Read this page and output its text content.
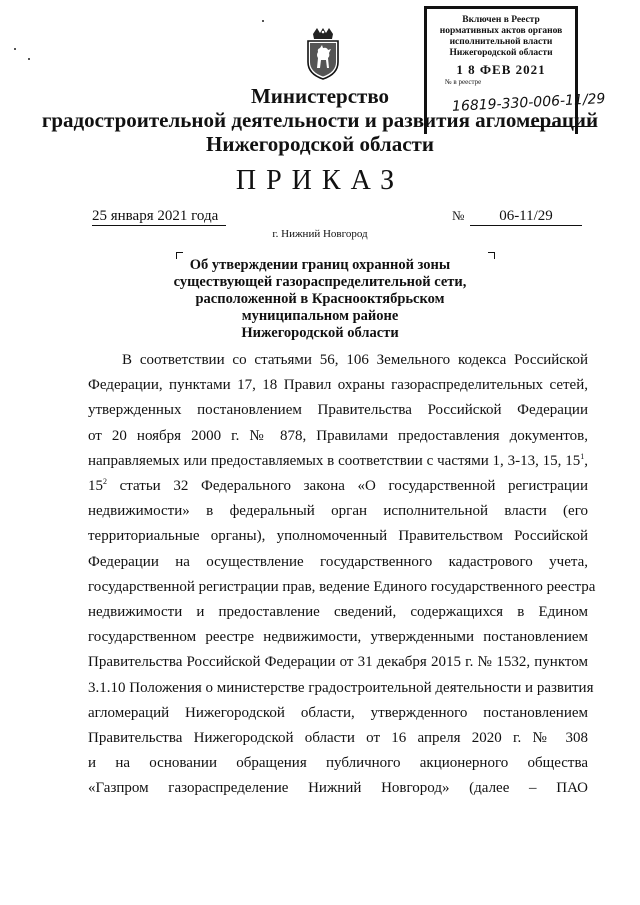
Включен в Реестр
нормативных актов органов
исполнительной власти
Нижегородской области
1 8 ФЕВ 2021
№ в реестре
16819-330-006-11/29
Министерство
градостроительной деятельности и развития агломераций
Нижегородской области
ПРИКАЗ
25 января 2021 года	№	06-11/29
г. Нижний Новгород
Об утверждении границ охранной зоны
существующей газораспределительной сети,
расположенной в Краснооктябрьском
муниципальном районе
Нижегородской области
В соответствии со статьями 56, 106 Земельного кодекса Российской
Федерации, пунктами 17, 18 Правил охраны газораспределительных сетей,
утвержденных постановлением Правительства Российской Федерации
от 20 ноября 2000 г. № 878, Правилами предоставления документов,
направляемых или предоставляемых в соответствии с частями 1, 3-13, 15, $15^1$,
$15^2$ статьи 32 Федерального закона «О государственной регистрации
недвижимости» в федеральный орган исполнительной власти (его
территориальные органы), уполномоченный Правительством Российской
Федерации на осуществление государственного кадастрового учета,
государственной регистрации прав, ведение Единого государственного реестра
недвижимости и предоставление сведений, содержащихся в Едином
государственном реестре недвижимости, утвержденными постановлением
Правительства Российской Федерации от 31 декабря 2015 г. № 1532, пунктом
3.1.10 Положения о министерстве градостроительной деятельности и развития
агломераций Нижегородской области, утвержденного постановлением
Правительства Нижегородской области от 16 апреля 2020 г. № 308
и на основании обращения публичного акционерного общества
«Газпром газораспределение Нижний Новгород» (далее – ПАО
